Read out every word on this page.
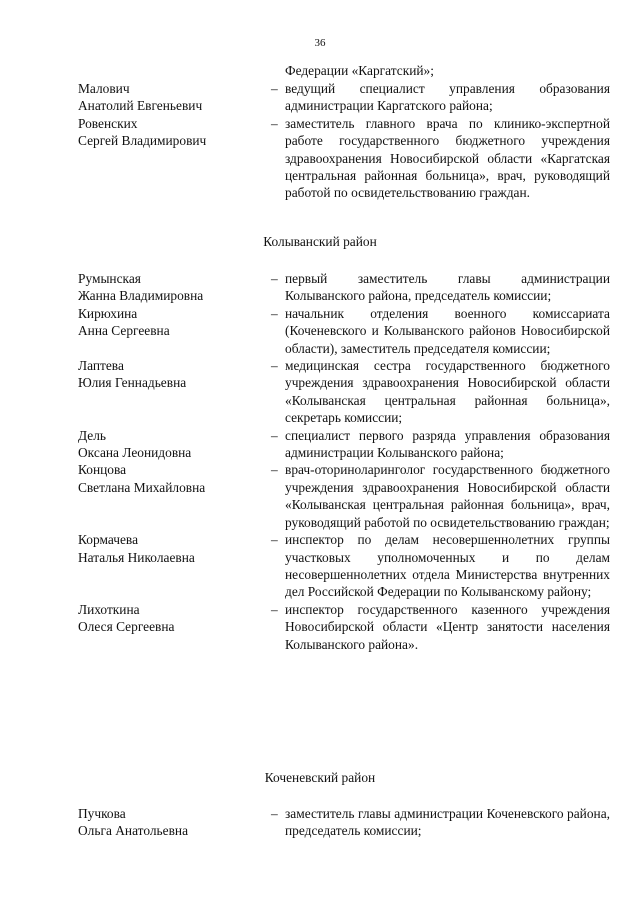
36
Федерации «Каргатский»;
Малович
Анатолий Евгеньевич
– ведущий специалист управления образования администрации Каргатского района;
Ровенских
Сергей Владимирович
– заместитель главного врача по клинико-экспертной работе государственного бюджетного учреждения здравоохранения Новосибирской области «Каргатская центральная районная больница», врач, руководящий работой по освидетельствованию граждан.
Колыванский район
Румынская
Жанна Владимировна
– первый заместитель главы администрации Колыванского района, председатель комиссии;
Кирюхина
Анна Сергеевна
– начальник отделения военного комиссариата (Коченевского и Колыванского районов Новосибирской области), заместитель председателя комиссии;
Лаптева
Юлия Геннадьевна
– медицинская сестра государственного бюджетного учреждения здравоохранения Новосибирской области «Колыванская центральная районная больница», секретарь комиссии;
Дель
Оксана Леонидовна
– специалист первого разряда управления образования администрации Колыванского района;
Концова
Светлана Михайловна
– врач-оториноларинголог государственного бюджетного учреждения здравоохранения Новосибирской области «Колыванская центральная районная больница», врач, руководящий работой по освидетельствованию граждан;
Кормачева
Наталья Николаевна
– инспектор по делам несовершеннолетних группы участковых уполномоченных и по делам несовершеннолетних отдела Министерства внутренних дел Российской Федерации по Колыванскому району;
Лихоткина
Олеся Сергеевна
– инспектор государственного казенного учреждения Новосибирской области «Центр занятости населения Колыванского района».
Коченевский район
Пучкова
Ольга Анатольевна
– заместитель главы администрации Коченевского района, председатель комиссии;
